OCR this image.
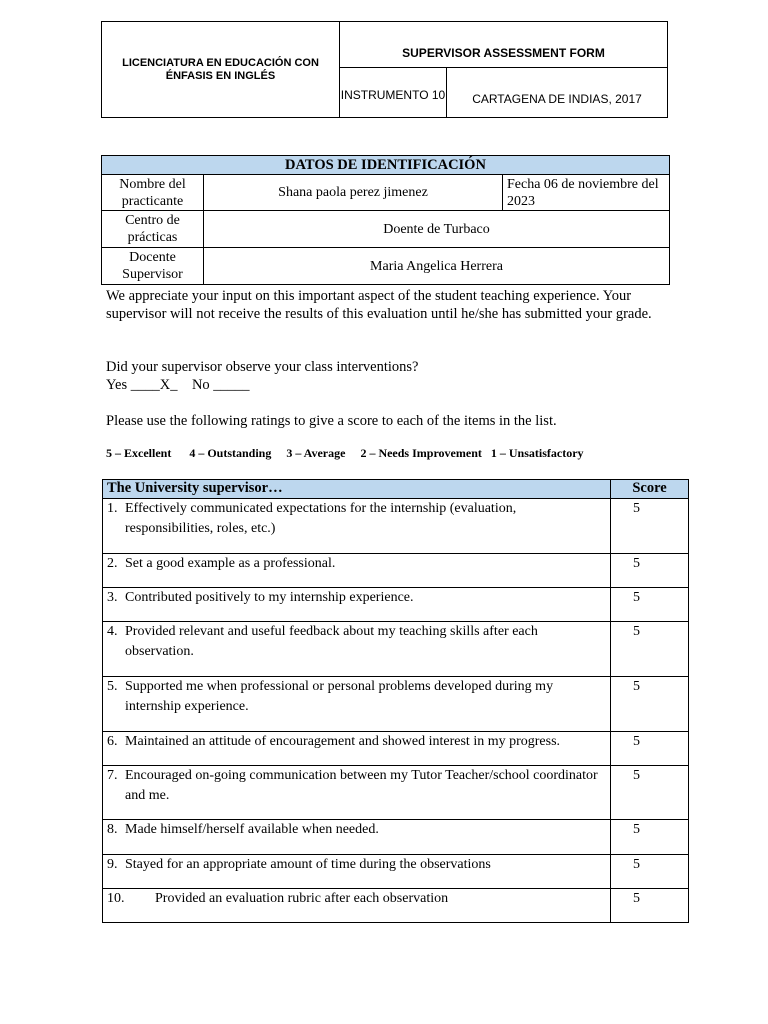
LICENCIATURA EN EDUCACIÓN CON ÉNFASIS EN INGLÉS
SUPERVISOR ASSESSMENT FORM
INSTRUMENTO 10	CARTAGENA DE INDIAS, 2017
DATOS DE IDENTIFICACIÓN		
Nombre del practicante	Shana paola perez jimenez	Fecha 06 de noviembre del 2023
Centro de prácticas	Doente de Turbaco	
Docente Supervisor	Maria Angelica Herrera	
We appreciate your input on this important aspect of the student teaching experience. Your supervisor will not receive the results of this evaluation until he/she has submitted your grade.
Did your supervisor observe your class interventions?
Yes ____X_    No _____
Please use the following ratings to give a score to each of the items in the list.
5 – Excellent      4 – Outstanding     3 – Average     2 – Needs Improvement   1 – Unsatisfactory
The University supervisor…	Score

1. Effectively communicated expectations for the internship (evaluation, responsibilities, roles, etc.)	5

2. Set a good example as a professional.	5

3. Contributed positively to my internship experience.	5

4. Provided relevant and useful feedback about my teaching skills after each observation.	5

5. Supported me when professional or personal problems developed during my internship experience.	5

6. Maintained an attitude of encouragement and showed interest in my progress.	5

7. Encouraged on-going communication between my Tutor Teacher/school coordinator and me.	5

8. Made himself/herself available when needed.	5

9. Stayed for an appropriate amount of time during the observations	5

10. Provided an evaluation rubric after each observation	5
